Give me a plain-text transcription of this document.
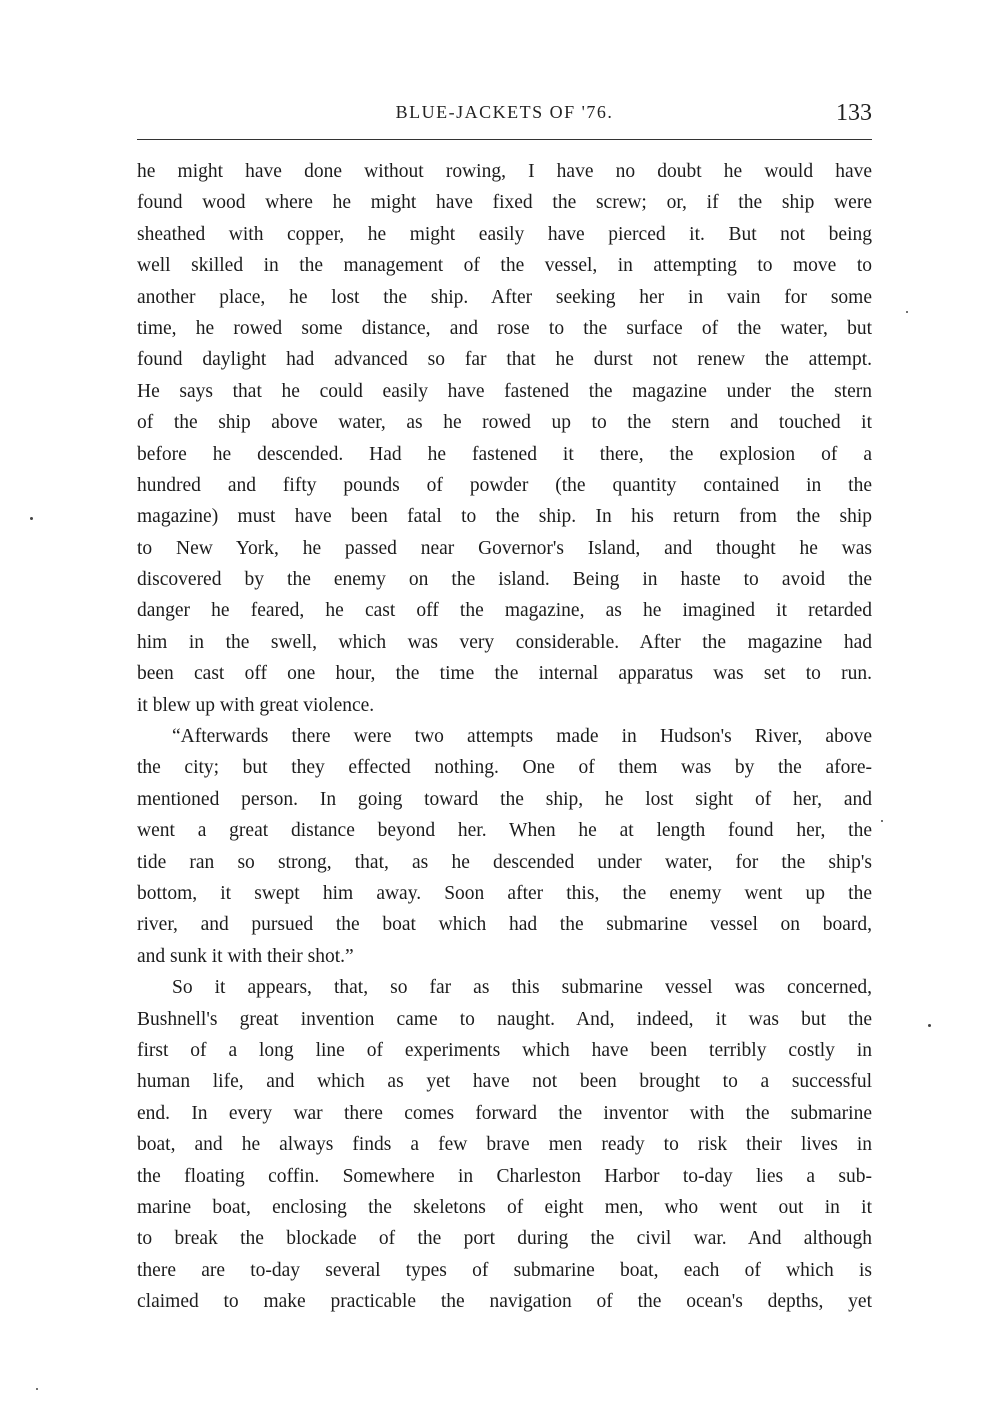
BLUE-JACKETS OF '76.	133
he might have done without rowing, I have no doubt he would have
found wood where he might have fixed the screw; or, if the ship were
sheathed with copper, he might easily have pierced it. But not being
well skilled in the management of the vessel, in attempting to move to
another place, he lost the ship. After seeking her in vain for some
time, he rowed some distance, and rose to the surface of the water, but
found daylight had advanced so far that he durst not renew the attempt.
He says that he could easily have fastened the magazine under the stern
of the ship above water, as he rowed up to the stern and touched it
before he descended. Had he fastened it there, the explosion of a
hundred and fifty pounds of powder (the quantity contained in the
magazine) must have been fatal to the ship. In his return from the ship
to New York, he passed near Governor's Island, and thought he was
discovered by the enemy on the island. Being in haste to avoid the
danger he feared, he cast off the magazine, as he imagined it retarded
him in the swell, which was very considerable. After the magazine had
been cast off one hour, the time the internal apparatus was set to run.
it blew up with great violence.
“Afterwards there were two attempts made in Hudson's River, above
the city; but they effected nothing. One of them was by the afore-
mentioned person. In going toward the ship, he lost sight of her, and
went a great distance beyond her. When he at length found her, the
tide ran so strong, that, as he descended under water, for the ship's
bottom, it swept him away. Soon after this, the enemy went up the
river, and pursued the boat which had the submarine vessel on board,
and sunk it with their shot.”
So it appears, that, so far as this submarine vessel was concerned,
Bushnell's great invention came to naught. And, indeed, it was but the
first of a long line of experiments which have been terribly costly in
human life, and which as yet have not been brought to a successful
end. In every war there comes forward the inventor with the submarine
boat, and he always finds a few brave men ready to risk their lives in
the floating coffin. Somewhere in Charleston Harbor to-day lies a sub-
marine boat, enclosing the skeletons of eight men, who went out in it
to break the blockade of the port during the civil war. And although
there are to-day several types of submarine boat, each of which is
claimed to make practicable the navigation of the ocean's depths, yet
